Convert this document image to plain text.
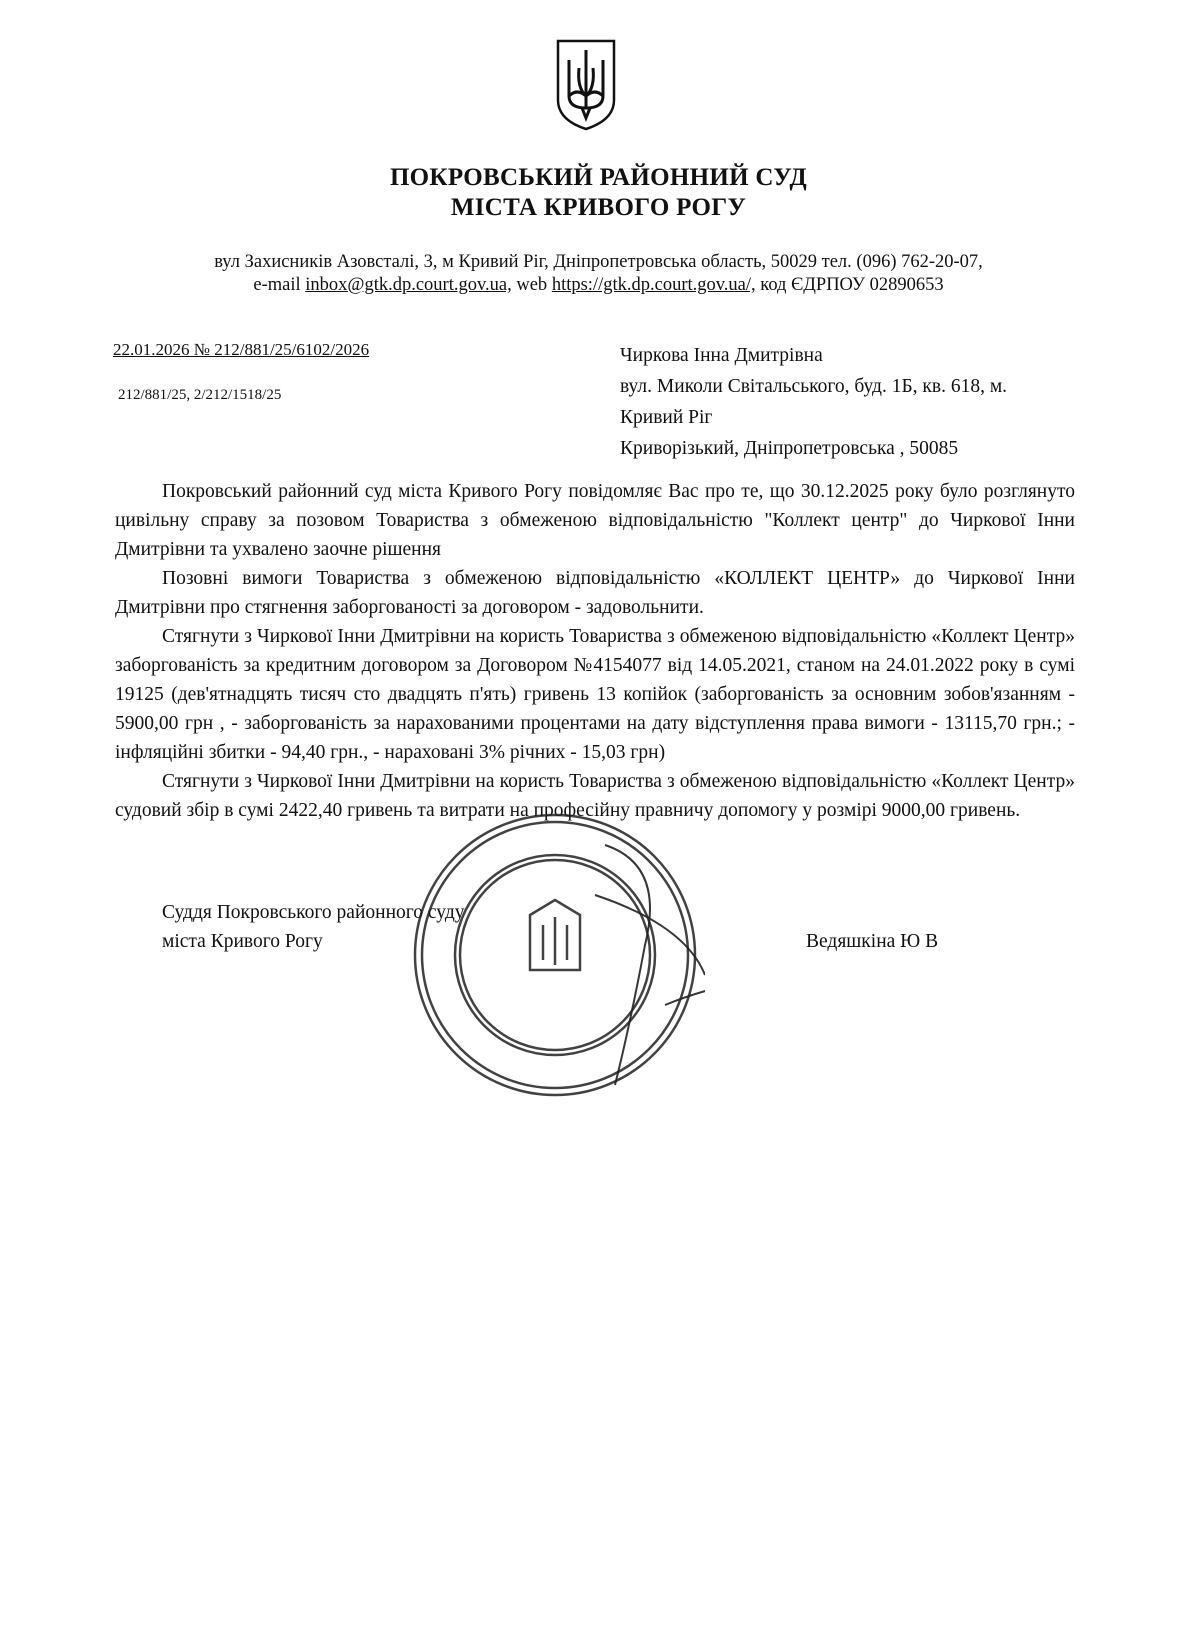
ПОКРОВСЬКИЙ РАЙОННИЙ СУД
МІСТА КРИВОГО РОГУ
вул Захисників Азовсталі, 3, м Кривий Ріг, Дніпропетровська область, 50029 тел. (096) 762-20-07,
e-mail inbox@gtk.dp.court.gov.ua, web https://gtk.dp.court.gov.ua/, код ЄДРПОУ 02890653
22.01.2026 № 212/881/25/6102/2026
212/881/25, 2/212/1518/25
Чиркова Інна Дмитрівна
вул. Миколи Світальського, буд. 1Б, кв. 618, м.
Кривий Ріг
Криворізький, Дніпропетровська , 50085

Покровський районний суд міста Кривого Рогу повідомляє Вас про те, що 30.12.2025 року було розглянуто цивільну справу за позовом Товариства з обмеженою відповідальністю "Коллект центр" до Чиркової Інни Дмитрівни та ухвалено заочне рішення

Позовні вимоги Товариства з обмеженою відповідальністю «КОЛЛЕКТ ЦЕНТР» до Чиркової Інни Дмитрівни про стягнення заборгованості за договором - задовольнити.

Стягнути з Чиркової Інни Дмитрівни на користь Товариства з обмеженою відповідальністю «Коллект Центр» заборгованість за кредитним договором за Договором №4154077 від 14.05.2021, станом на 24.01.2022 року в сумі 19125 (дев'ятнадцять тисяч сто двадцять п'ять) гривень 13 копійок (заборгованість за основним зобов'язанням - 5900,00 грн , - заборгованість за нарахованими процентами на дату відступлення права вимоги - 13115,70 грн.; - інфляційні збитки - 94,40 грн., - нараховані 3% річних - 15,03 грн)

Стягнути з Чиркової Інни Дмитрівни на користь Товариства з обмеженою відповідальністю «Коллект Центр» судовий збір в сумі 2422,40 гривень та витрати на професійну правничу допомогу у розмірі 9000,00 гривень.

Суддя Покровського районного суду
міста Кривого Рогу	Ведяшкіна Ю В
